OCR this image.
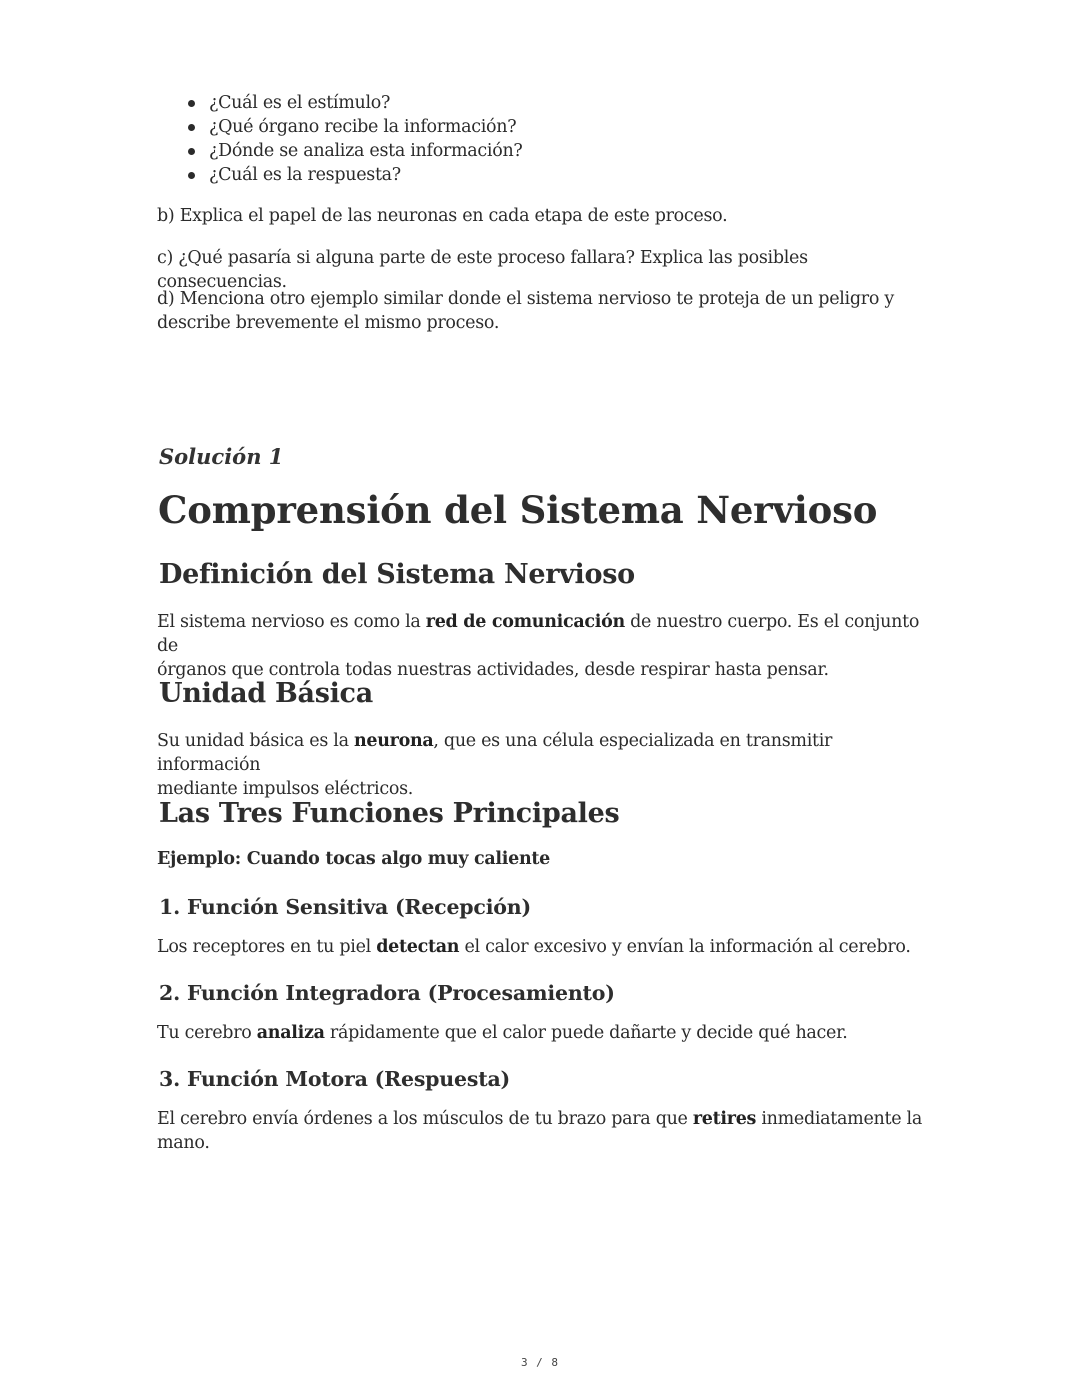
¿Cuál es el estímulo?
¿Qué órgano recibe la información?
¿Dónde se analiza esta información?
¿Cuál es la respuesta?

b) Explica el papel de las neuronas en cada etapa de este proceso.

c) ¿Qué pasaría si alguna parte de este proceso fallara? Explica las posibles consecuencias.

d) Menciona otro ejemplo similar donde el sistema nervioso te proteja de un peligro y
describe brevemente el mismo proceso.

Solución 1

Comprensión del Sistema Nervioso
Definición del Sistema Nervioso

El sistema nervioso es como la red de comunicación de nuestro cuerpo. Es el conjunto de
órganos que controla todas nuestras actividades, desde respirar hasta pensar.

Unidad Básica

Su unidad básica es la neurona, que es una célula especializada en transmitir información
mediante impulsos eléctricos.

Las Tres Funciones Principales

Ejemplo: Cuando tocas algo muy caliente

1. Función Sensitiva (Recepción)

Los receptores en tu piel detectan el calor excesivo y envían la información al cerebro.

2. Función Integradora (Procesamiento)

Tu cerebro analiza rápidamente que el calor puede dañarte y decide qué hacer.

3. Función Motora (Respuesta)

El cerebro envía órdenes a los músculos de tu brazo para que retires inmediatamente la
mano.

3 / 8
